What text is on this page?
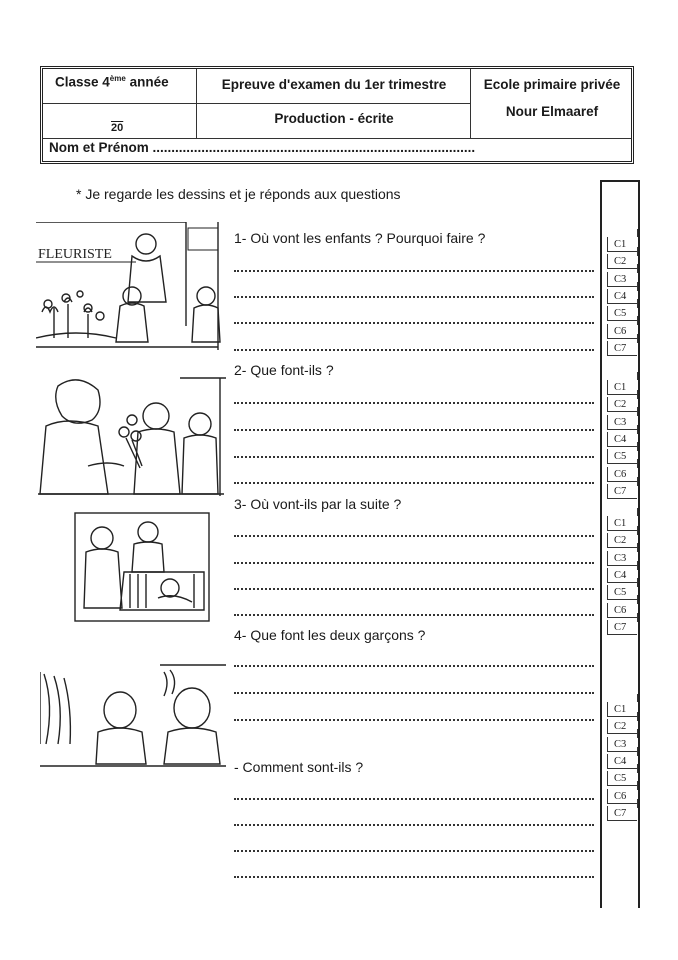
Classe 4ème année
20
Epreuve d'examen du 1er trimestre
Production - écrite
Ecole primaire privée
Nour Elmaaref
Nom et Prénom ......................................................................................
* Je regarde les dessins et je réponds aux questions
FLEURISTE
1- Où vont les enfants ? Pourquoi faire ?
2- Que font-ils ?
3- Où vont-ils par la suite ?
4- Que font les deux garçons ?
- Comment sont-ils ?
C1
C2
C3
C4
C5
C6
C7
C1
C2
C3
C4
C5
C6
C7
C1
C2
C3
C4
C5
C6
C7
C1
C2
C3
C4
C5
C6
C7
